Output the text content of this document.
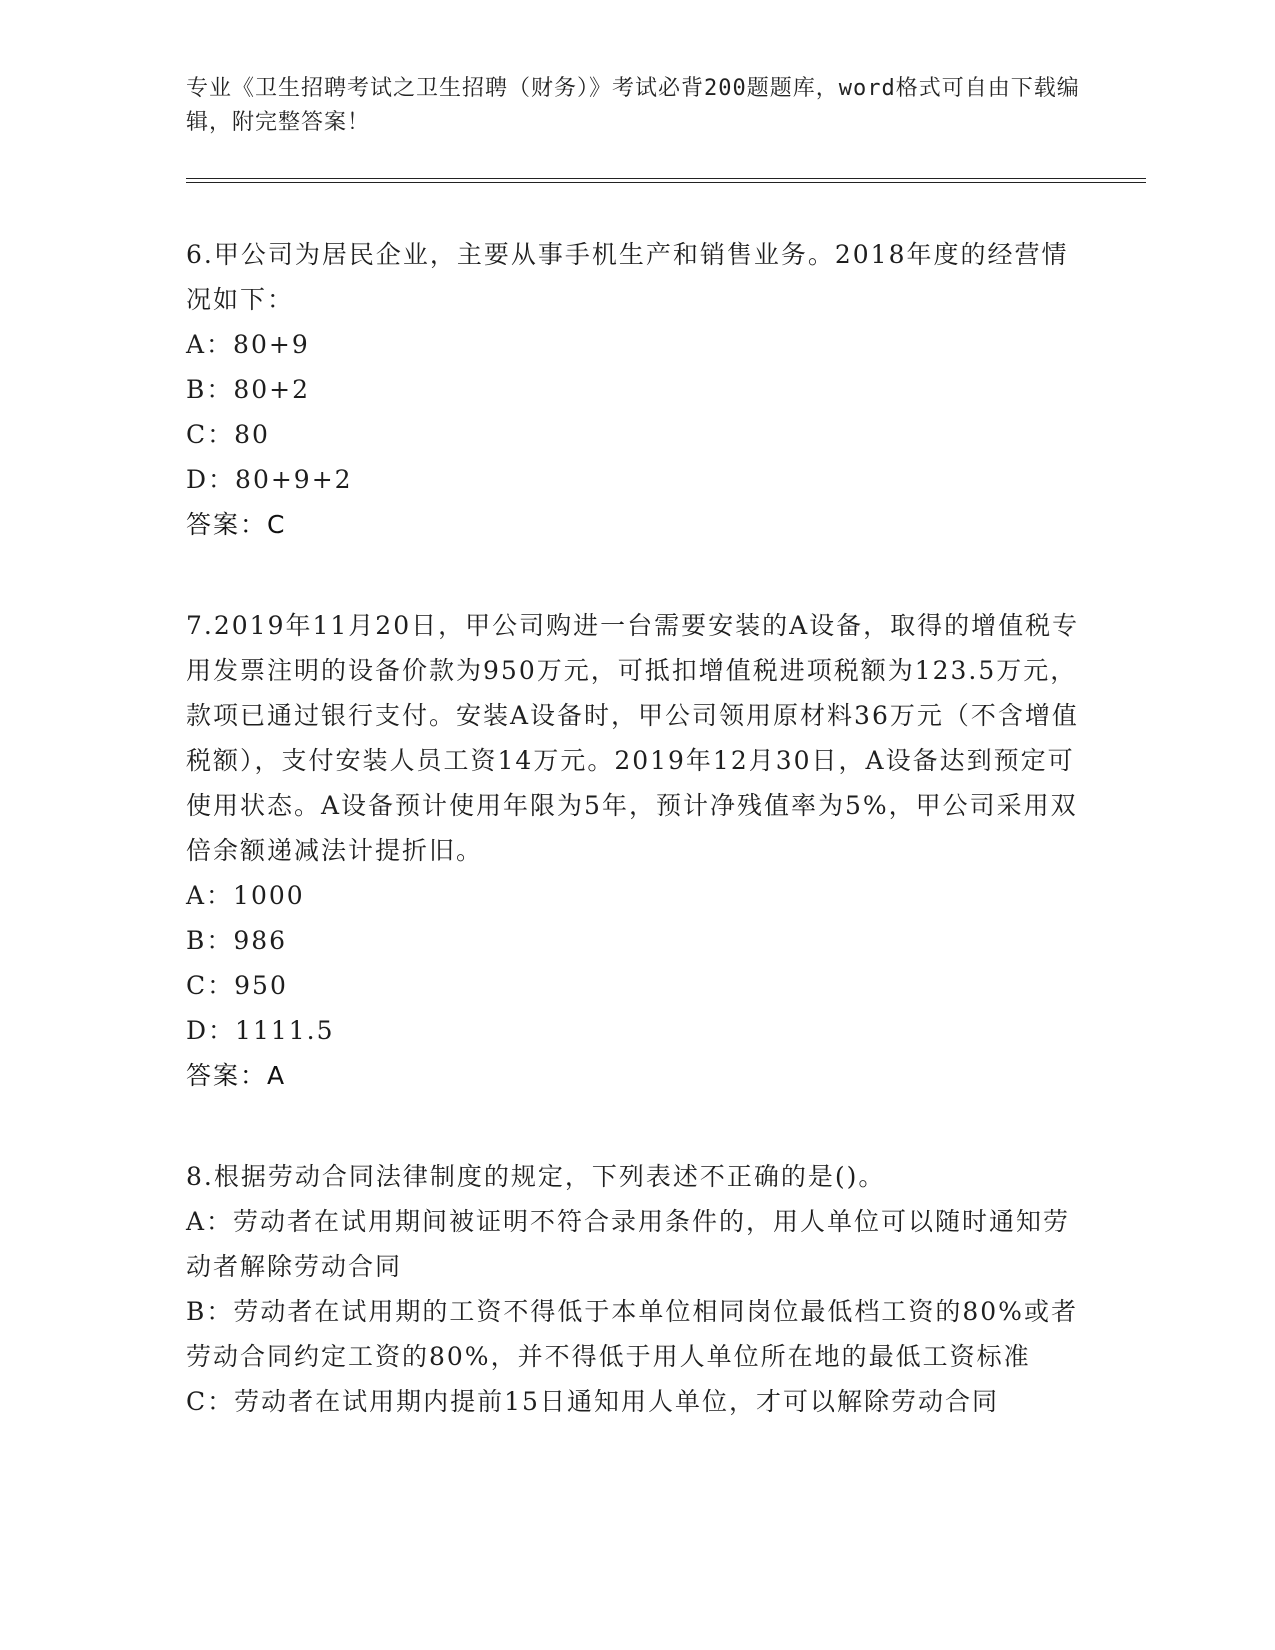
专业《卫生招聘考试之卫生招聘（财务）》考试必背200题题库，word格式可自由下载编辑，附完整答案！

6.甲公司为居民企业，主要从事手机生产和销售业务。2018年度的经营情况如下：

A：80+9

B：80+2

C：80

D：80+9+2

答案：C

7.2019年11月20日，甲公司购进一台需要安装的A设备，取得的增值税专用发票注明的设备价款为950万元，可抵扣增值税进项税额为123.5万元，款项已通过银行支付。安装A设备时，甲公司领用原材料36万元（不含增值税额），支付安装人员工资14万元。2019年12月30日，A设备达到预定可使用状态。A设备预计使用年限为5年，预计净残值率为5%，甲公司采用双倍余额递减法计提折旧。

A：1000

B：986

C：950

D：1111.5

答案：A

8.根据劳动合同法律制度的规定，下列表述不正确的是()。

A：劳动者在试用期间被证明不符合录用条件的，用人单位可以随时通知劳动者解除劳动合同

B：劳动者在试用期的工资不得低于本单位相同岗位最低档工资的80%或者劳动合同约定工资的80%，并不得低于用人单位所在地的最低工资标准

C：劳动者在试用期内提前15日通知用人单位，才可以解除劳动合同
